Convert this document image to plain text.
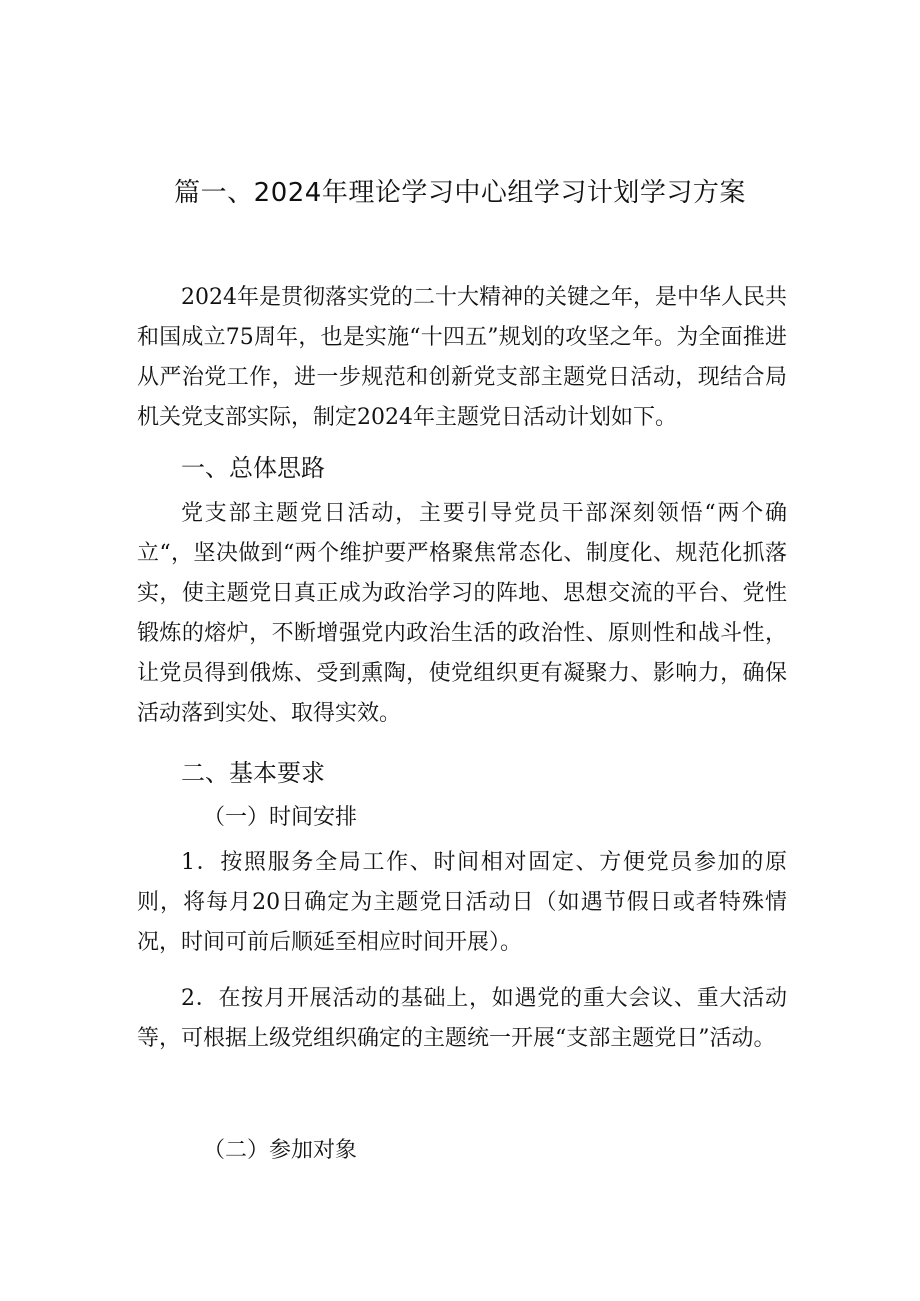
篇一、2024年理论学习中心组学习计划学习方案

2024年是贯彻落实党的二十大精神的关键之年，是中华人民共和国成立75周年，也是实施“十四五”规划的攻坚之年。为全面推进从严治党工作，进一步规范和创新党支部主题党日活动，现结合局机关党支部实际，制定2024年主题党日活动计划如下。

一、总体思路

党支部主题党日活动，主要引导党员干部深刻领悟“两个确立“，坚决做到“两个维护要严格聚焦常态化、制度化、规范化抓落实，使主题党日真正成为政治学习的阵地、思想交流的平台、党性锻炼的熔炉，不断增强党内政治生活的政治性、原则性和战斗性，让党员得到俄炼、受到熏陶，使党组织更有凝聚力、影响力，确保活动落到实处、取得实效。

二、基本要求
（一）时间安排

1．按照服务全局工作、时间相对固定、方便党员参加的原则，将每月20日确定为主题党日活动日（如遇节假日或者特殊情况，时间可前后顺延至相应时间开展）。

2．在按月开展活动的基础上，如遇党的重大会议、重大活动等，可根据上级党组织确定的主题统一开展“支部主题党日”活动。

（二）参加对象
